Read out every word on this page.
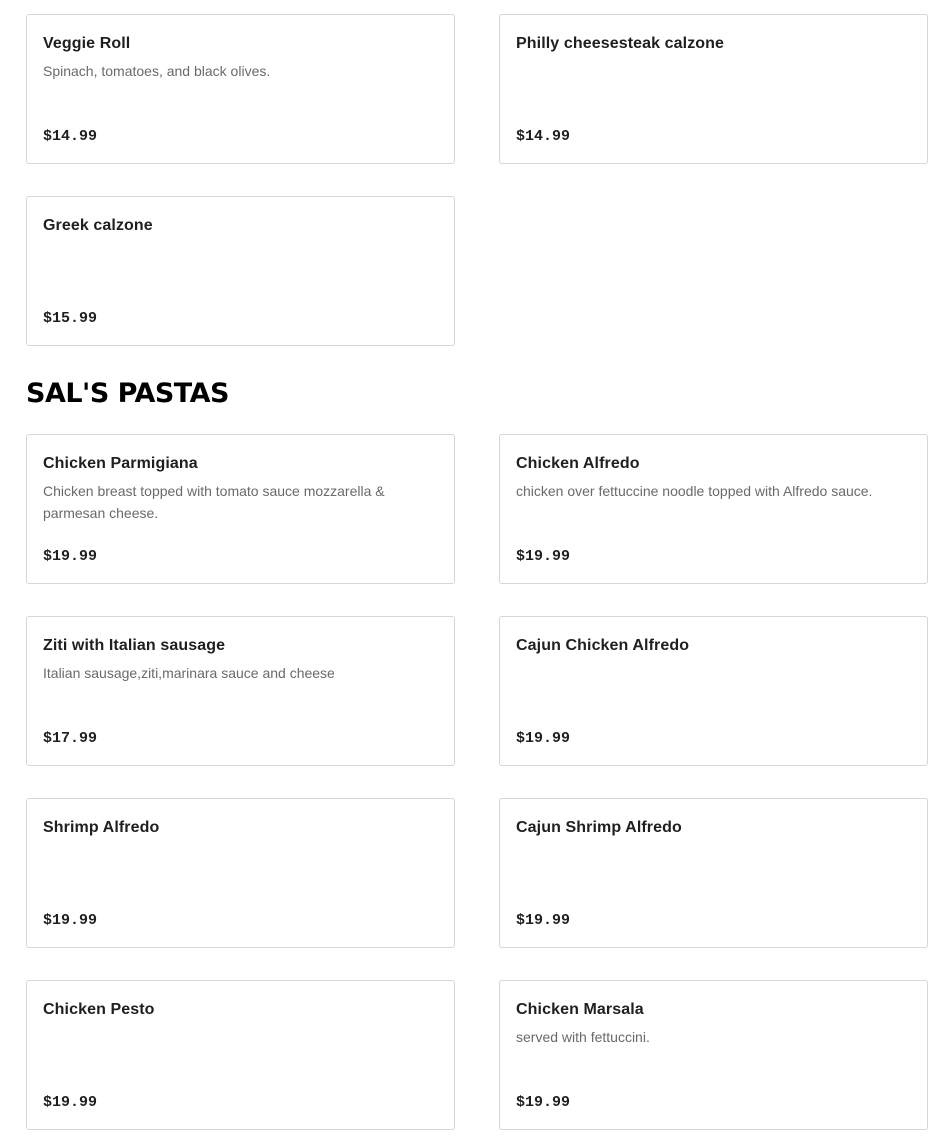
Veggie Roll
Spinach, tomatoes, and black olives.
$14.99
Philly cheesesteak calzone
$14.99
Greek calzone
$15.99
SAL'S PASTAS
Chicken Parmigiana
Chicken breast topped with tomato sauce mozzarella & parmesan cheese.
$19.99
Chicken Alfredo
chicken over fettuccine noodle topped with Alfredo sauce.
$19.99
Ziti with Italian sausage
Italian sausage,ziti,marinara sauce and cheese
$17.99
Cajun Chicken Alfredo
$19.99
Shrimp Alfredo
$19.99
Cajun Shrimp Alfredo
$19.99
Chicken Pesto
$19.99
Chicken Marsala
served with fettuccini.
$19.99
